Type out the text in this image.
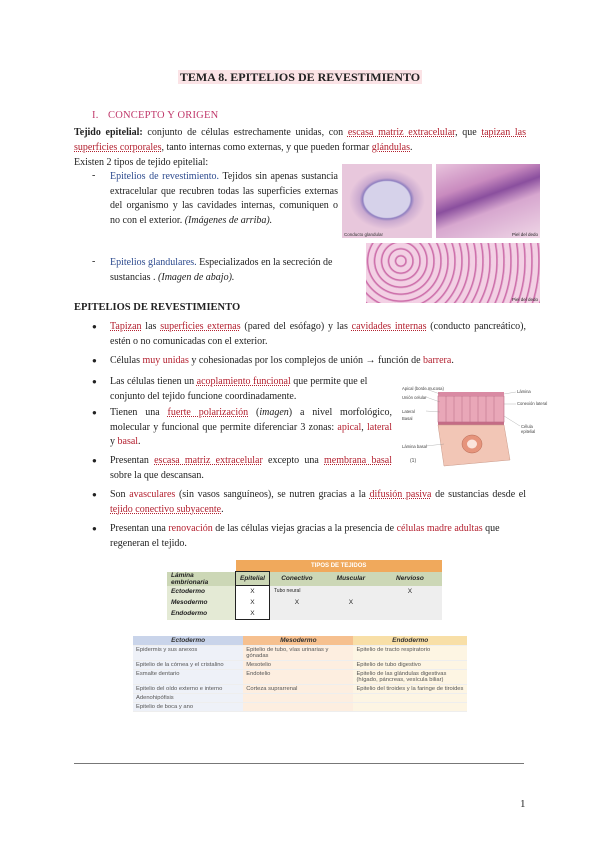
TEMA 8. EPITELIOS DE REVESTIMIENTO
I. CONCEPTO Y ORIGEN
Tejido epitelial: conjunto de células estrechamente unidas, con escasa matriz extracelular, que tapizan las superficies corporales, tanto internas como externas, y que pueden formar glándulas.
Existen 2 tipos de tejido epitelial:
- Epitelios de revestimiento. Tejidos sin apenas sustancia extracelular que recubren todas las superficies externas del organismo y las cavidades internas, comuniquen o no con el exterior. (Imágenes de arriba).
- Epitelios glandulares. Especializados en la secreción de sustancias . (Imagen de abajo).
Conducto glandular	Piel del dedo
Piel del dedo
EPITELIOS DE REVESTIMIENTO
● Tapizan las superficies externas (pared del esófago) y las cavidades internas (conducto pancreático), estén o no comunicadas con el exterior.
● Células muy unidas y cohesionadas por los complejos de unión → función de barrera.
● Las células tienen un acoplamiento funcional que permite que el conjunto del tejido funcione coordinadamente.
● Tienen una fuerte polarización (imagen) a nivel morfológico, molecular y funcional que permite diferenciar 3 zonas: apical, lateral y basal.
● Presentan escasa matriz extracelular excepto una membrana basal sobre la que descansan.
● Son avasculares (sin vasos sanguíneos), se nutren gracias a la difusión pasiva de sustancias desde el tejido conectivo subyacente.
● Presentan una renovación de las células viejas gracias a la presencia de células madre adultas que regeneran el tejido.
Apical (borde mucosa)
Unión celular
Lateral
Basal
Lámina basal
Lámina
Conexión lateral
Célula epitelial
(1)
	TIPOS DE TEJIDOS			
Lámina embrionaria	Epitelial	Conectivo	Muscular	Nervioso
Ectodermo	X	Tubo neural		X
Mesodermo	X	X	X	
Endodermo	X			
Ectodermo	Mesodermo	Endodermo
Epidermis y sus anexos	Epitelio de tubo, vías urinarias y gónadas	Epitelio de tracto respiratorio
Epitelio de la córnea y el cristalino	Mesotelio	Epitelio de tubo digestivo
Esmalte dentario	Endotelio	Epitelio de las glándulas digestivas (hígado, páncreas, vesícula biliar)
Epitelio del oído externo e interno	Corteza suprarrenal	Epitelio del tiroides y la faringe de tiroides
Adenohipófisis		
Epitelio de boca y ano		
1
